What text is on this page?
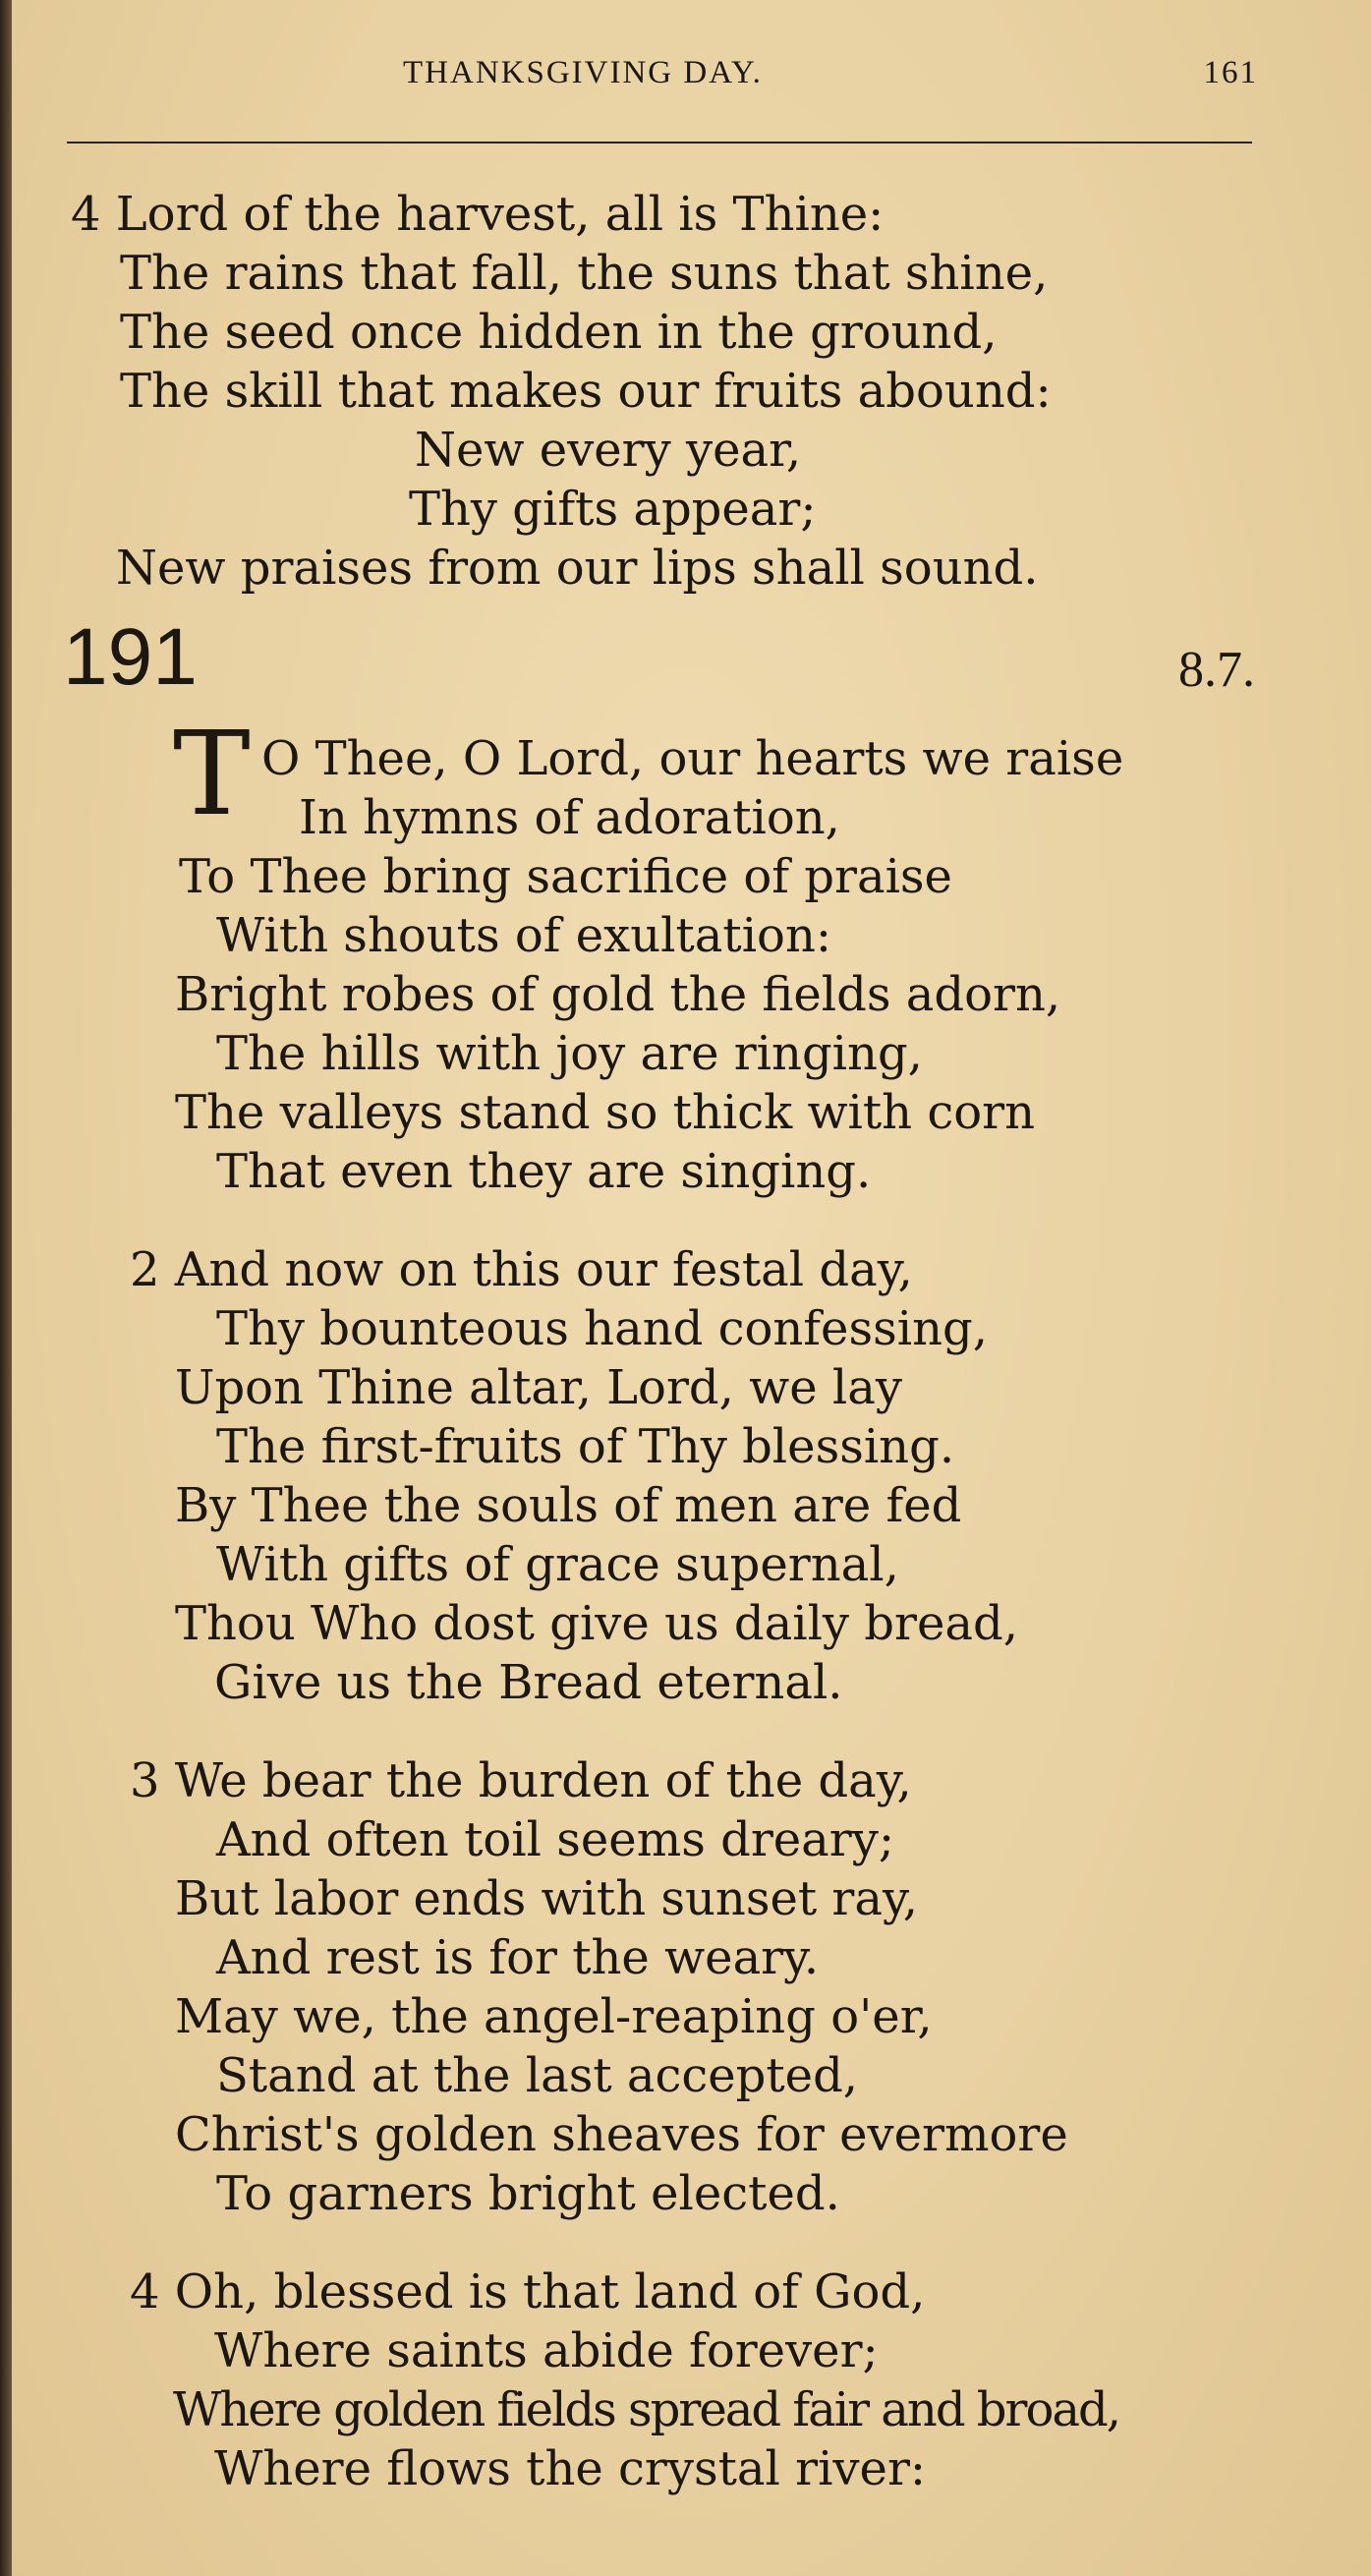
THANKSGIVING DAY.	161
4 Lord of the harvest, all is Thine:
The rains that fall, the suns that shine,
The seed once hidden in the ground,
The skill that makes our fruits abound:
New every year,
Thy gifts appear;
New praises from our lips shall sound.
191	8.7.
T O Thee, O Lord, our hearts we raise
In hymns of adoration,
To Thee bring sacrifice of praise
With shouts of exultation:
Bright robes of gold the fields adorn,
The hills with joy are ringing,
The valleys stand so thick with corn
That even they are singing.
2 And now on this our festal day,
Thy bounteous hand confessing,
Upon Thine altar, Lord, we lay
The first-fruits of Thy blessing.
By Thee the souls of men are fed
With gifts of grace supernal,
Thou Who dost give us daily bread,
Give us the Bread eternal.
3 We bear the burden of the day,
And often toil seems dreary;
But labor ends with sunset ray,
And rest is for the weary.
May we, the angel-reaping o'er,
Stand at the last accepted,
Christ's golden sheaves for evermore
To garners bright elected.
4 Oh, blessed is that land of God,
Where saints abide forever;
Where golden fields spread fair and broad,
Where flows the crystal river:
